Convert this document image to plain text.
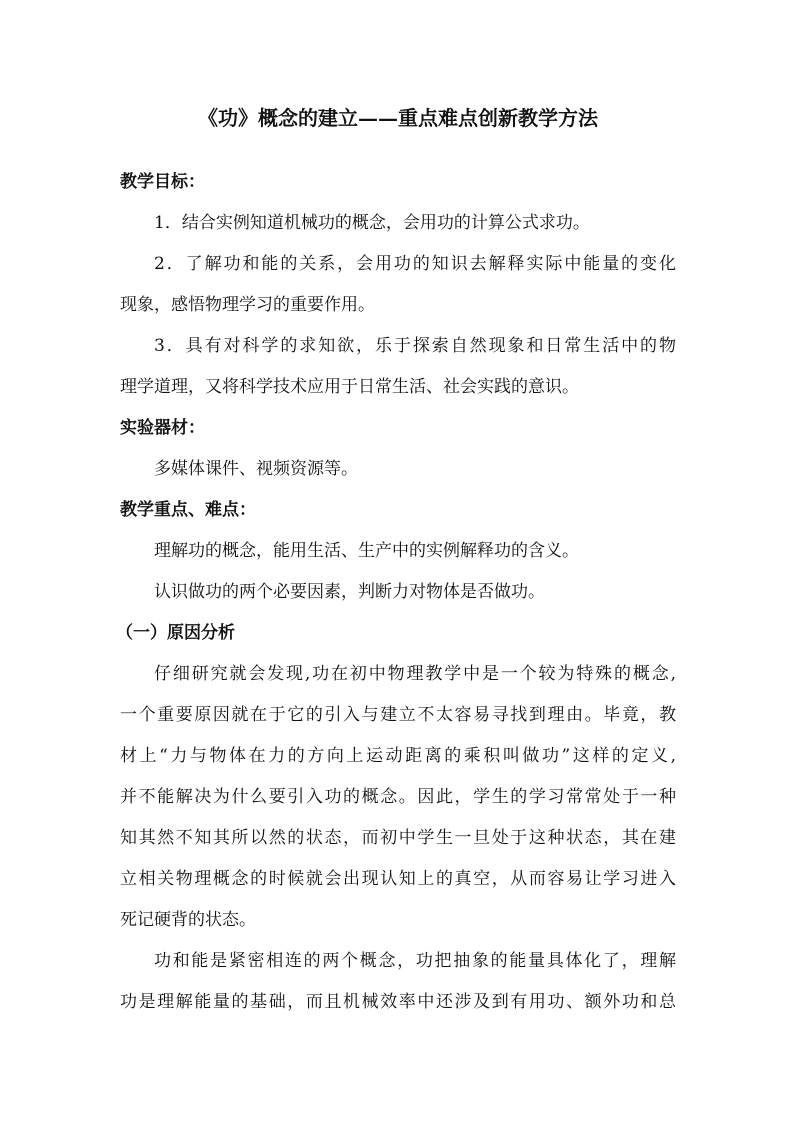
《功》概念的建立——重点难点创新教学方法
教学目标：
1．结合实例知道机械功的概念，会用功的计算公式求功。
2．了解功和能的关系，会用功的知识去解释实际中能量的变化
现象，感悟物理学习的重要作用。
3．具有对科学的求知欲，乐于探索自然现象和日常生活中的物
理学道理，又将科学技术应用于日常生活、社会实践的意识。
实验器材：
多媒体课件、视频资源等。
教学重点、难点：
理解功的概念，能用生活、生产中的实例解释功的含义。
认识做功的两个必要因素，判断力对物体是否做功。
（一）原因分析
仔细研究就会发现,功在初中物理教学中是一个较为特殊的概念,
一个重要原因就在于它的引入与建立不太容易寻找到理由。毕竟，教
材上“力与物体在力的方向上运动距离的乘积叫做功”这样的定义,
并不能解决为什么要引入功的概念。因此，学生的学习常常处于一种
知其然不知其所以然的状态，而初中学生一旦处于这种状态，其在建
立相关物理概念的时候就会出现认知上的真空，从而容易让学习进入
死记硬背的状态。
功和能是紧密相连的两个概念，功把抽象的能量具体化了，理解
功是理解能量的基础，而且机械效率中还涉及到有用功、额外功和总
